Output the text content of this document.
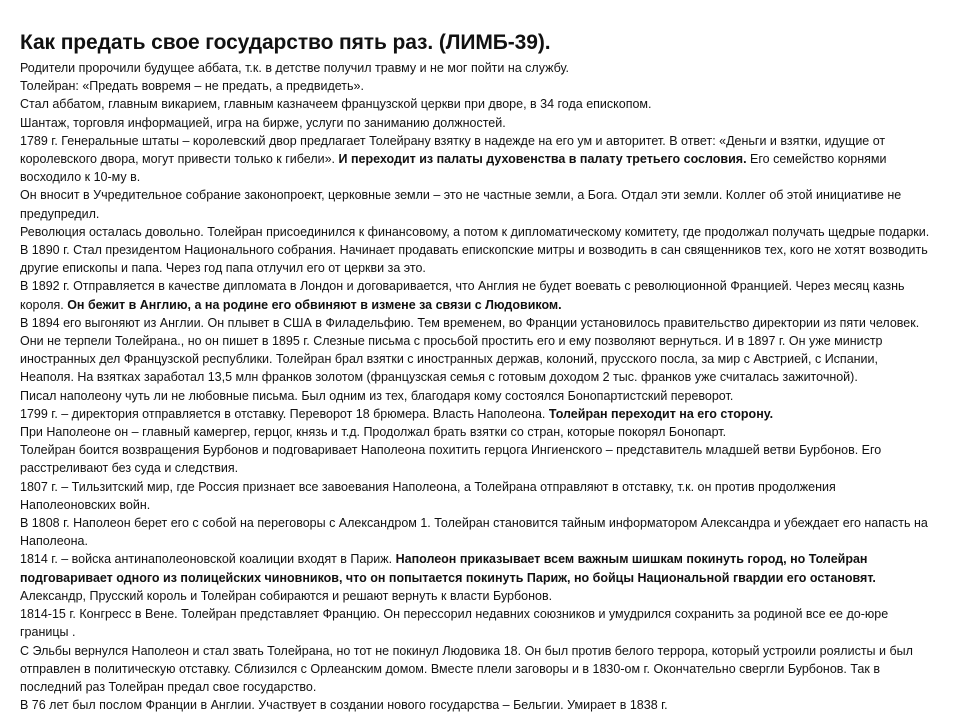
Как предать свое государство пять раз. (ЛИМБ-39).

Родители пророчили будущее аббата, т.к. в детстве получил травму и не мог пойти на службу.

Толейран: «Предать вовремя – не предать, а предвидеть».

Стал аббатом, главным викарием, главным казначеем французской церкви при дворе, в 34 года епископом.

Шантаж, торговля информацией, игра на бирже, услуги по заниманию должностей.

1789 г. Генеральные штаты – королевский двор предлагает Толейрану взятку в надежде на его ум и авторитет. В ответ: «Деньги и взятки, идущие от королевского двора, могут привести только к гибели». И переходит из палаты духовенства в палату третьего сословия. Его семейство корнями восходило к 10-му в.

Он вносит в Учредительное собрание законопроект, церковные земли – это не частные земли, а Бога. Отдал эти земли. Коллег об этой инициативе не предупредил.

Революция осталась довольно. Толейран присоединился к финансовому, а потом к дипломатическому комитету, где продолжал получать щедрые подарки. В 1890 г. Стал президентом Национального собрания. Начинает продавать епископские митры и возводить в сан священников тех, кого не хотят возводить другие епископы и папа. Через год папа отлучил его от церкви за это.

В 1892 г. Отправляется в качестве дипломата в Лондон и договаривается, что Англия не будет воевать с революционной Францией. Через месяц казнь короля. Он бежит в Англию, а на родине его обвиняют в измене за связи с Людовиком.

В 1894 его выгоняют из Англии. Он плывет в США в Филадельфию. Тем временем, во Франции установилось правительство директории из пяти человек. Они не терпели Толейрана., но он пишет в 1895 г. Слезные письма с просьбой простить его и ему позволяют вернуться. И в 1897 г. Он уже министр иностранных дел Французской республики. Толейран брал взятки с иностранных держав, колоний, прусского посла, за мир с Австрией, с Испании, Неаполя. На взятках заработал 13,5 млн франков золотом (французская семья с готовым доходом 2 тыс. франков уже считалась зажиточной).

Писал наполеону чуть ли не любовные письма. Был одним из тех, благодаря кому состоялся Бонопартистский переворот.

1799 г. – директория отправляется в отставку. Переворот 18 брюмера. Власть Наполеона. Толейран переходит на его сторону.

При Наполеоне он – главный камергер, герцог, князь и т.д. Продолжал брать взятки со стран, которые покорял Бонопарт.

Толейран боится возвращения Бурбонов и подговаривает Наполеона похитить герцога Ингиенского – представитель младшей ветви Бурбонов. Его расстреливают без суда и следствия.

1807 г. – Тильзитский мир, где Россия признает все завоевания Наполеона, а Толейрана отправляют в отставку, т.к. он против продолжения Наполеоновских войн.

В 1808 г. Наполеон берет его с собой на переговоры с Александром 1. Толейран становится тайным информатором Александра и убеждает его напасть на Наполеона.

1814 г. – войска антинаполеоновской коалиции входят в Париж. Наполеон приказывает всем важным шишкам покинуть город, но Толейран подговаривает одного из полицейских чиновников, что он попытается покинуть Париж, но бойцы Национальной гвардии его остановят. Александр, Прусский король и Толейран собираются и решают вернуть к власти Бурбонов.

1814-15 г. Конгресс в Вене. Толейран представляет Францию. Он перессорил недавних союзников и умудрился сохранить за родиной все ее до-юре границы .

С Эльбы вернулся Наполеон и стал звать Толейрана, но тот не покинул Людовика 18. Он был против белого террора, который устроили роялисты и был отправлен в политическую отставку. Сблизился с Орлеанским домом. Вместе плели заговоры и в 1830-ом г. Окончательно свергли Бурбонов. Так в последний раз Толейран предал свое государство.

В 76 лет был послом Франции в Англии. Участвует в создании нового государства – Бельгии. Умирает в 1838 г.
